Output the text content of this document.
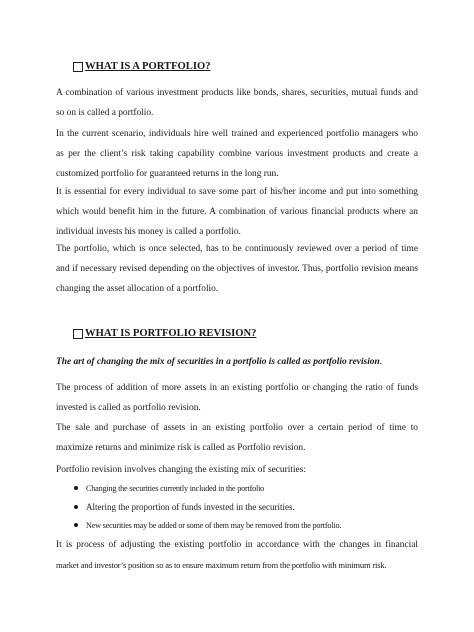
WHAT IS A PORTFOLIO?
A combination of various investment products like bonds, shares, securities, mutual funds and
so on is called a portfolio.
In the current scenario, individuals hire well trained and experienced portfolio managers who
as per the client’s risk taking capability combine various investment products and create a
customized portfolio for guaranteed returns in the long run.
It is essential for every individual to save some part of his/her income and put into something
which would benefit him in the future. A combination of various financial products where an
individual invests his money is called a portfolio.
The portfolio, which is once selected, has to be continuously reviewed over a period of time
and if necessary revised depending on the objectives of investor. Thus, portfolio revision means
changing the asset allocation of a portfolio.
WHAT IS PORTFOLIO REVISION?
The art of changing the mix of securities in a portfolio is called as portfolio revision.
The process of addition of more assets in an existing portfolio or changing the ratio of funds
invested is called as portfolio revision.
The sale and purchase of assets in an existing portfolio over a certain period of time to
maximize returns and minimize risk is called as Portfolio revision.
Portfolio revision involves changing the existing mix of securities:
Changing the securities currently included in the portfolio
Altering the proportion of funds invested in the securities.
New securities may be added or some of them may be removed from the portfolio.
It is process of adjusting the existing portfolio in accordance with the changes in financial
market and investor’s position so as to ensure maximum return from the portfolio with minimum risk.
